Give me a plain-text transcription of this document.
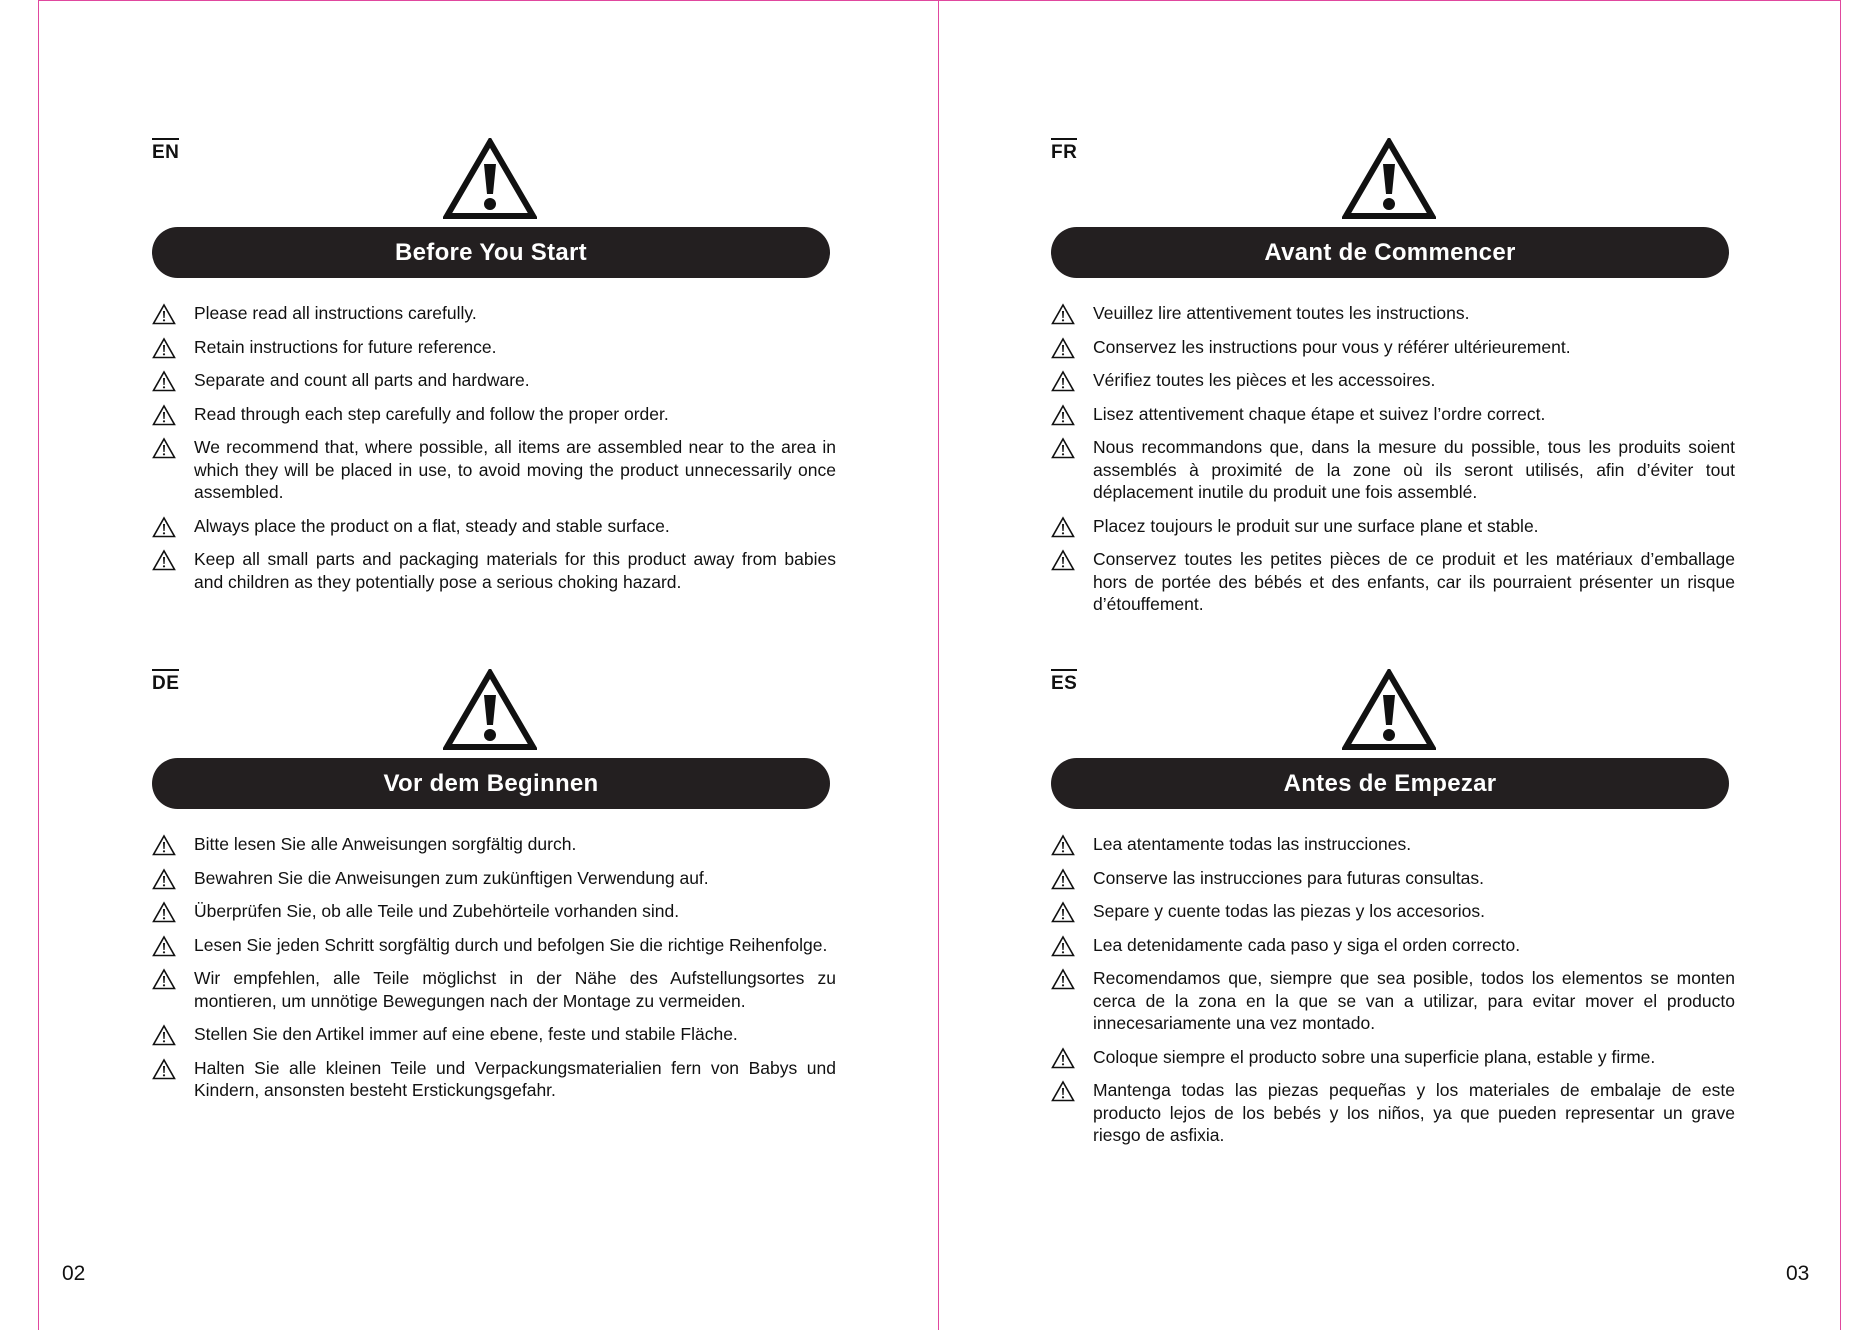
EN
Before You Start
Please read all instructions carefully.
Retain instructions for future reference.
Separate and count all parts and hardware.
Read through each step carefully and follow the proper order.
We recommend that, where possible, all items are assembled near to the area in which they will be placed in use, to avoid moving the product unnecessarily once assembled.
Always place the product on a flat, steady and stable surface.
Keep all small parts and packaging materials for this product away from babies and children as they potentially pose a serious choking hazard.
DE
Vor dem Beginnen
Bitte lesen Sie alle Anweisungen sorgfältig durch.
Bewahren Sie die Anweisungen zum zukünftigen Verwendung auf.
Überprüfen Sie, ob alle Teile und Zubehörteile vorhanden sind.
Lesen Sie jeden Schritt sorgfältig durch und befolgen Sie die richtige Reihenfolge.
Wir empfehlen, alle Teile möglichst in der Nähe des Aufstellungsortes zu montieren, um unnötige Bewegungen nach der Montage zu vermeiden.
Stellen Sie den Artikel immer auf eine ebene, feste und stabile Fläche.
Halten Sie alle kleinen Teile und Verpackungsmaterialien fern von Babys und Kindern, ansonsten besteht Erstickungsgefahr.
FR
Avant de Commencer
Veuillez lire attentivement toutes les instructions.
Conservez les instructions pour vous y référer ultérieurement.
Vérifiez toutes les pièces et les accessoires.
Lisez attentivement chaque étape et suivez l’ordre correct.
Nous recommandons que, dans la mesure du possible, tous les produits soient assemblés à proximité de la zone où ils seront utilisés, afin d’éviter tout déplacement inutile du produit une fois assemblé.
Placez toujours le produit sur une surface plane et stable.
Conservez toutes les petites pièces de ce produit et les matériaux d’emballage hors de portée des bébés et des enfants, car ils pourraient présenter un risque d’étouffement.
ES
Antes de Empezar
Lea atentamente todas las instrucciones.
Conserve las instrucciones para futuras consultas.
Separe y cuente todas las piezas y los accesorios.
Lea detenidamente cada paso y siga el orden correcto.
Recomendamos que, siempre que sea posible, todos los elementos se monten cerca de la zona en la que se van a utilizar, para evitar mover el producto innecesariamente una vez montado.
Coloque siempre el producto sobre una superficie plana, estable y firme.
Mantenga todas las piezas pequeñas y los materiales de embalaje de este producto lejos de los bebés y los niños, ya que pueden representar un grave riesgo de asfixia.
02	03
